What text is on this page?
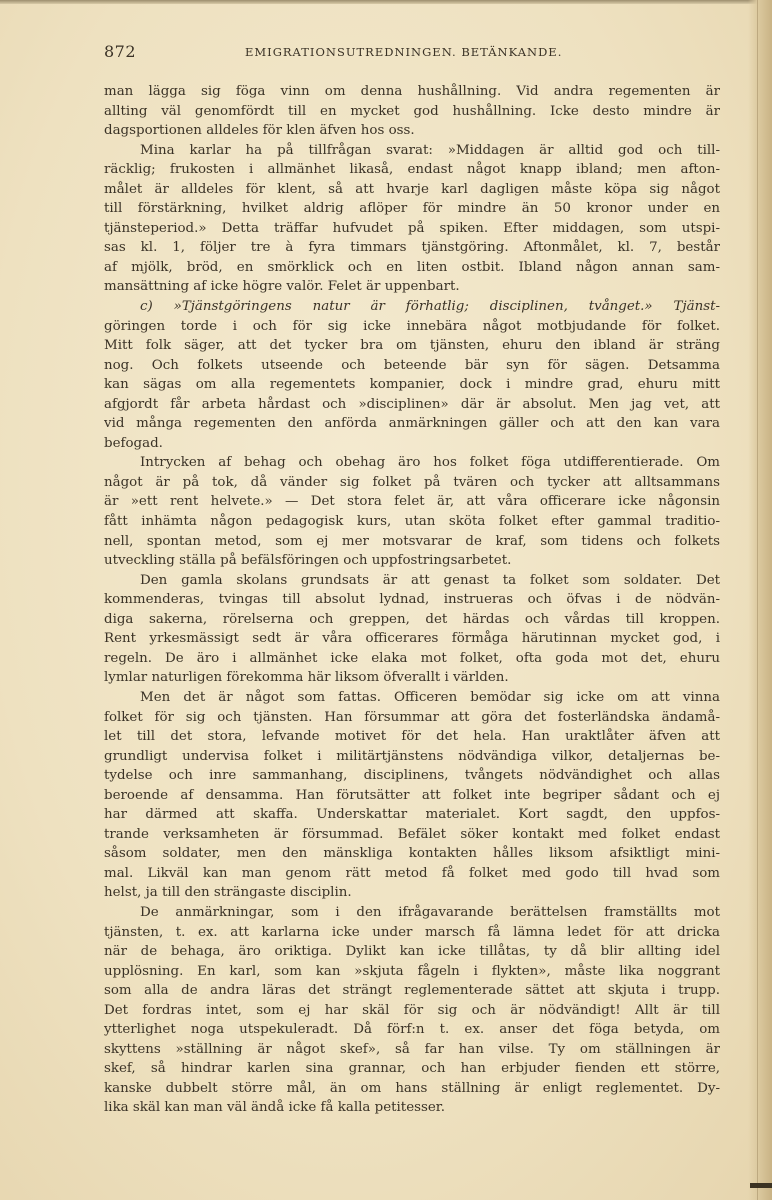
872	EMIGRATIONSUTREDNINGEN. BETÄNKANDE.
man lägga sig föga vinn om denna hushållning. Vid andra regementen är
allting väl genomfördt till en mycket god hushållning. Icke desto mindre är
dagsportionen alldeles för klen äfven hos oss.
Mina karlar ha på tillfrågan svarat: »Middagen är alltid god och till-
räcklig; frukosten i allmänhet likaså, endast något knapp ibland; men afton-
målet är alldeles för klent, så att hvarje karl dagligen måste köpa sig något
till förstärkning, hvilket aldrig aflöper för mindre än 50 kronor under en
tjänsteperiod.» Detta träffar hufvudet på spiken. Efter middagen, som utspi-
sas kl. 1, följer tre à fyra timmars tjänstgöring. Aftonmålet, kl. 7, består
af mjölk, bröd, en smörklick och en liten ostbit. Ibland någon annan sam-
mansättning af icke högre valör. Felet är uppenbart.
c) »Tjänstgöringens natur är förhatlig; disciplinen, tvånget.» Tjänst-
göringen torde i och för sig icke innebära något motbjudande för folket.
Mitt folk säger, att det tycker bra om tjänsten, ehuru den ibland är sträng
nog. Och folkets utseende och beteende bär syn för sägen. Detsamma
kan sägas om alla regementets kompanier, dock i mindre grad, ehuru mitt
afgjordt får arbeta hårdast och »disciplinen» där är absolut. Men jag vet, att
vid många regementen den anförda anmärkningen gäller och att den kan vara
befogad.
Intrycken af behag och obehag äro hos folket föga utdifferentierade. Om
något är på tok, då vänder sig folket på tvären och tycker att alltsammans
är »ett rent helvete.» — Det stora felet är, att våra officerare icke någonsin
fått inhämta någon pedagogisk kurs, utan sköta folket efter gammal traditio-
nell, spontan metod, som ej mer motsvarar de kraf, som tidens och folkets
utveckling ställa på befälsföringen och uppfostringsarbetet.
Den gamla skolans grundsats är att genast ta folket som soldater. Det
kommenderas, tvingas till absolut lydnad, instrueras och öfvas i de nödvän-
diga sakerna, rörelserna och greppen, det härdas och vårdas till kroppen.
Rent yrkesmässigt sedt är våra officerares förmåga härutinnan mycket god, i
regeln. De äro i allmänhet icke elaka mot folket, ofta goda mot det, ehuru
lymlar naturligen förekomma här liksom öfverallt i världen.
Men det är något som fattas. Officeren bemödar sig icke om att vinna
folket för sig och tjänsten. Han försummar att göra det fosterländska ändamå-
let till det stora, lefvande motivet för det hela. Han uraktlåter äfven att
grundligt undervisa folket i militärtjänstens nödvändiga vilkor, detaljernas be-
tydelse och inre sammanhang, disciplinens, tvångets nödvändighet och allas
beroende af densamma. Han förutsätter att folket inte begriper sådant och ej
har därmed att skaffa. Underskattar materialet. Kort sagdt, den uppfos-
trande verksamheten är försummad. Befälet söker kontakt med folket endast
såsom soldater, men den mänskliga kontakten hålles liksom afsiktligt mini-
mal. Likväl kan man genom rätt metod få folket med godo till hvad som
helst, ja till den strängaste disciplin.
De anmärkningar, som i den ifrågavarande berättelsen framställts mot
tjänsten, t. ex. att karlarna icke under marsch få lämna ledet för att dricka
när de behaga, äro oriktiga. Dylikt kan icke tillåtas, ty då blir allting idel
upplösning. En karl, som kan »skjuta fågeln i flykten», måste lika noggrant
som alla de andra läras det strängt reglementerade sättet att skjuta i trupp.
Det fordras intet, som ej har skäl för sig och är nödvändigt! Allt är till
ytterlighet noga utspekuleradt. Då förf:n t. ex. anser det föga betyda, om
skyttens »ställning är något skef», så far han vilse. Ty om ställningen är
skef, så hindrar karlen sina grannar, och han erbjuder fienden ett större,
kanske dubbelt större mål, än om hans ställning är enligt reglementet. Dy-
lika skäl kan man väl ändå icke få kalla petitesser.
